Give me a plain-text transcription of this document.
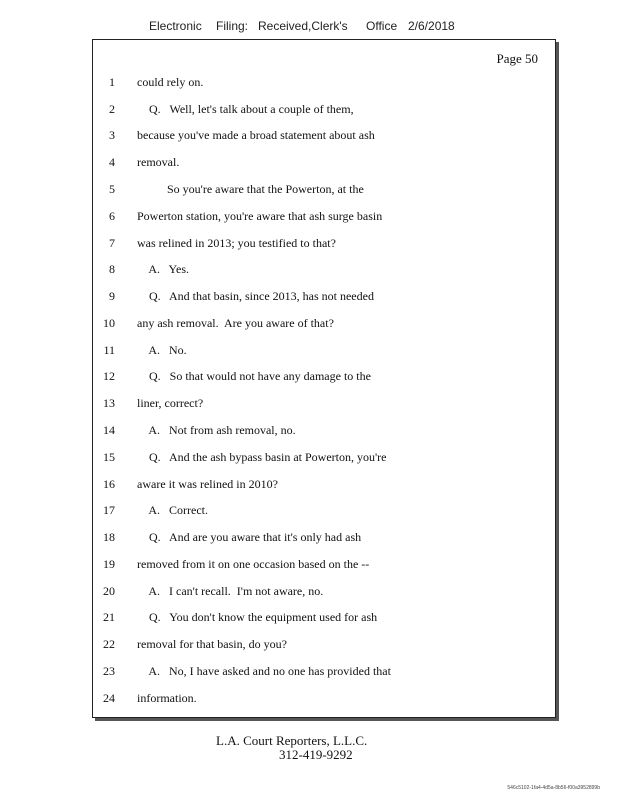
Electronic Filing: Received,Clerk's Office 2/6/2018
Page 50
1 could rely on.
2 Q.   Well, let's talk about a couple of them,
3 because you've made a broad statement about ash
4 removal.
5 So you're aware that the Powerton, at the
6 Powerton station, you're aware that ash surge basin
7 was relined in 2013; you testified to that?
8 A.   Yes.
9 Q.   And that basin, since 2013, has not needed
10 any ash removal.  Are you aware of that?
11 A.   No.
12 Q.   So that would not have any damage to the
13 liner, correct?
14 A.   Not from ash removal, no.
15 Q.   And the ash bypass basin at Powerton, you're
16 aware it was relined in 2010?
17 A.   Correct.
18 Q.   And are you aware that it's only had ash
19 removed from it on one occasion based on the --
20 A.   I can't recall.  I'm not aware, no.
21 Q.   You don't know the equipment used for ash
22 removal for that basin, do you?
23 A.   No, I have asked and no one has provided that
24 information.
L.A. Court Reporters, L.L.C.
312-419-9292
546c5102-1fa4-4d5a-8b56-f00a3952899b
